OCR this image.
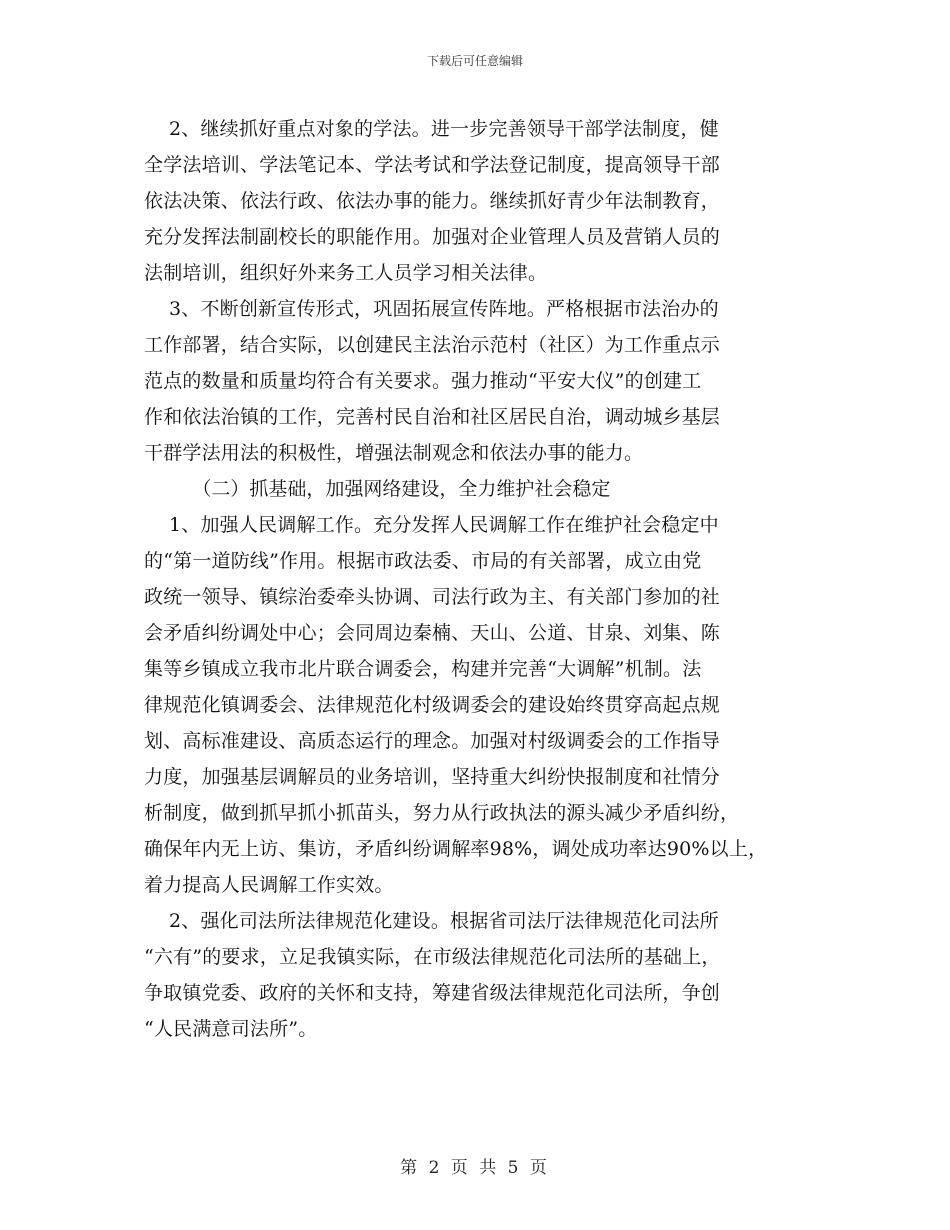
下载后可任意编辑
2、继续抓好重点对象的学法。进一步完善领导干部学法制度，健
全学法培训、学法笔记本、学法考试和学法登记制度，提高领导干部
依法决策、依法行政、依法办事的能力。继续抓好青少年法制教育，
充分发挥法制副校长的职能作用。加强对企业管理人员及营销人员的
法制培训，组织好外来务工人员学习相关法律。
3、不断创新宣传形式，巩固拓展宣传阵地。严格根据市法治办的
工作部署，结合实际，以创建民主法治示范村（社区）为工作重点示
范点的数量和质量均符合有关要求。强力推动“平安大仪”的创建工
作和依法治镇的工作，完善村民自治和社区居民自治，调动城乡基层
干群学法用法的积极性，增强法制观念和依法办事的能力。
（二）抓基础，加强网络建设，全力维护社会稳定
1、加强人民调解工作。充分发挥人民调解工作在维护社会稳定中
的“第一道防线”作用。根据市政法委、市局的有关部署，成立由党
政统一领导、镇综治委牵头协调、司法行政为主、有关部门参加的社
会矛盾纠纷调处中心；会同周边秦楠、天山、公道、甘泉、刘集、陈
集等乡镇成立我市北片联合调委会，构建并完善“大调解”机制。法
律规范化镇调委会、法律规范化村级调委会的建设始终贯穿高起点规
划、高标准建设、高质态运行的理念。加强对村级调委会的工作指导
力度，加强基层调解员的业务培训，坚持重大纠纷快报制度和社情分
析制度，做到抓早抓小抓苗头，努力从行政执法的源头减少矛盾纠纷，
确保年内无上访、集访，矛盾纠纷调解率98%，调处成功率达90%以上，
着力提高人民调解工作实效。
2、强化司法所法律规范化建设。根据省司法厅法律规范化司法所
“六有”的要求，立足我镇实际，在市级法律规范化司法所的基础上，
争取镇党委、政府的关怀和支持，筹建省级法律规范化司法所，争创
“人民满意司法所”。
第 2 页 共 5 页
